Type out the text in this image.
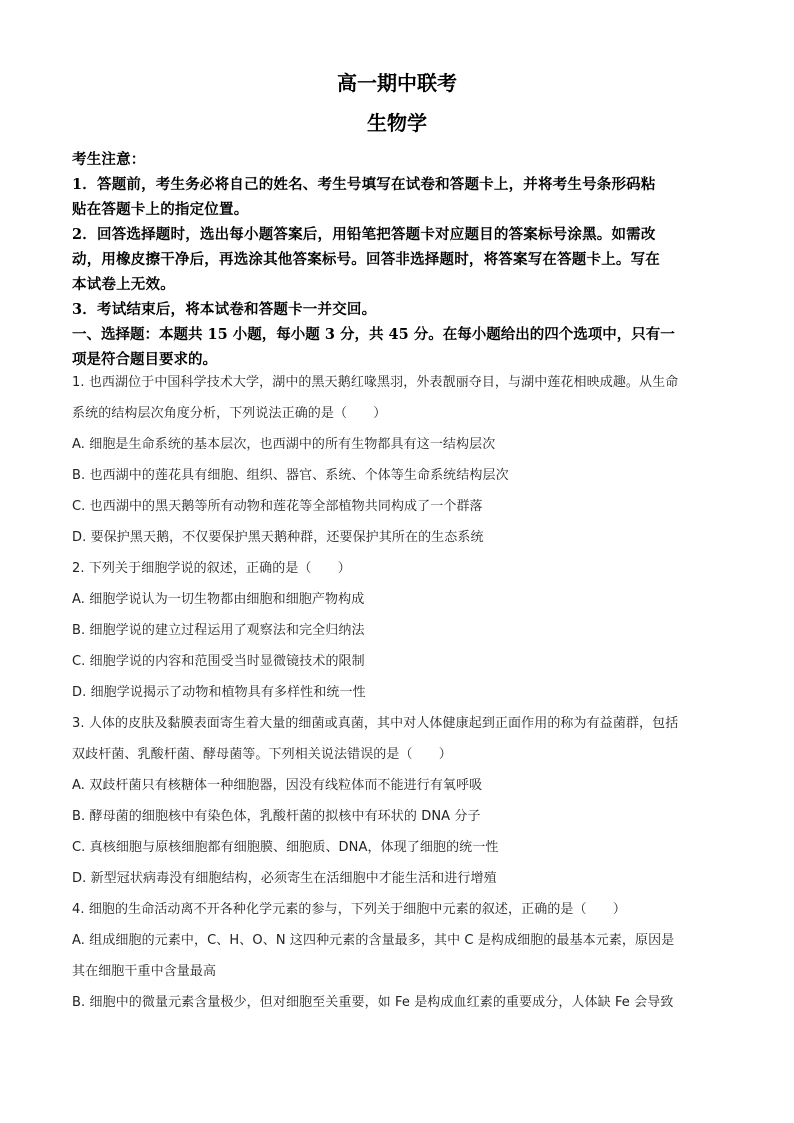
高一期中联考
生物学
考生注意：
1．答题前，考生务必将自己的姓名、考生号填写在试卷和答题卡上，并将考生号条形码粘
贴在答题卡上的指定位置。
2．回答选择题时，选出每小题答案后，用铅笔把答题卡对应题目的答案标号涂黑。如需改
动，用橡皮擦干净后，再选涂其他答案标号。回答非选择题时，将答案写在答题卡上。写在
本试卷上无效。
3．考试结束后，将本试卷和答题卡一并交回。
一、选择题：本题共 15 小题，每小题 3 分，共 45 分。在每小题给出的四个选项中，只有一
项是符合题目要求的。
1. 也西湖位于中国科学技术大学，湖中的黑天鹅红喙黑羽，外表靓丽夺目，与湖中莲花相映成趣。从生命
系统的结构层次角度分析，下列说法正确的是（　　）
A. 细胞是生命系统的基本层次，也西湖中的所有生物都具有这一结构层次
B. 也西湖中的莲花具有细胞、组织、器官、系统、个体等生命系统结构层次
C. 也西湖中的黑天鹅等所有动物和莲花等全部植物共同构成了一个群落
D. 要保护黑天鹅，不仅要保护黑天鹅种群，还要保护其所在的生态系统
2. 下列关于细胞学说的叙述，正确的是（　　）
A. 细胞学说认为一切生物都由细胞和细胞产物构成
B. 细胞学说的建立过程运用了观察法和完全归纳法
C. 细胞学说的内容和范围受当时显微镜技术的限制
D. 细胞学说揭示了动物和植物具有多样性和统一性
3. 人体的皮肤及黏膜表面寄生着大量的细菌或真菌，其中对人体健康起到正面作用的称为有益菌群，包括
双歧杆菌、乳酸杆菌、酵母菌等。下列相关说法错误的是（　　）
A. 双歧杆菌只有核糖体一种细胞器，因没有线粒体而不能进行有氧呼吸
B. 酵母菌的细胞核中有染色体，乳酸杆菌的拟核中有环状的 DNA 分子
C. 真核细胞与原核细胞都有细胞膜、细胞质、DNA，体现了细胞的统一性
D. 新型冠状病毒没有细胞结构，必须寄生在活细胞中才能生活和进行增殖
4. 细胞的生命活动离不开各种化学元素的参与，下列关于细胞中元素的叙述，正确的是（　　）
A. 组成细胞的元素中，C、H、O、N 这四种元素的含量最多，其中 C 是构成细胞的最基本元素，原因是
其在细胞干重中含量最高
B. 细胞中的微量元素含量极少，但对细胞至关重要，如 Fe 是构成血红素的重要成分，人体缺 Fe 会导致
